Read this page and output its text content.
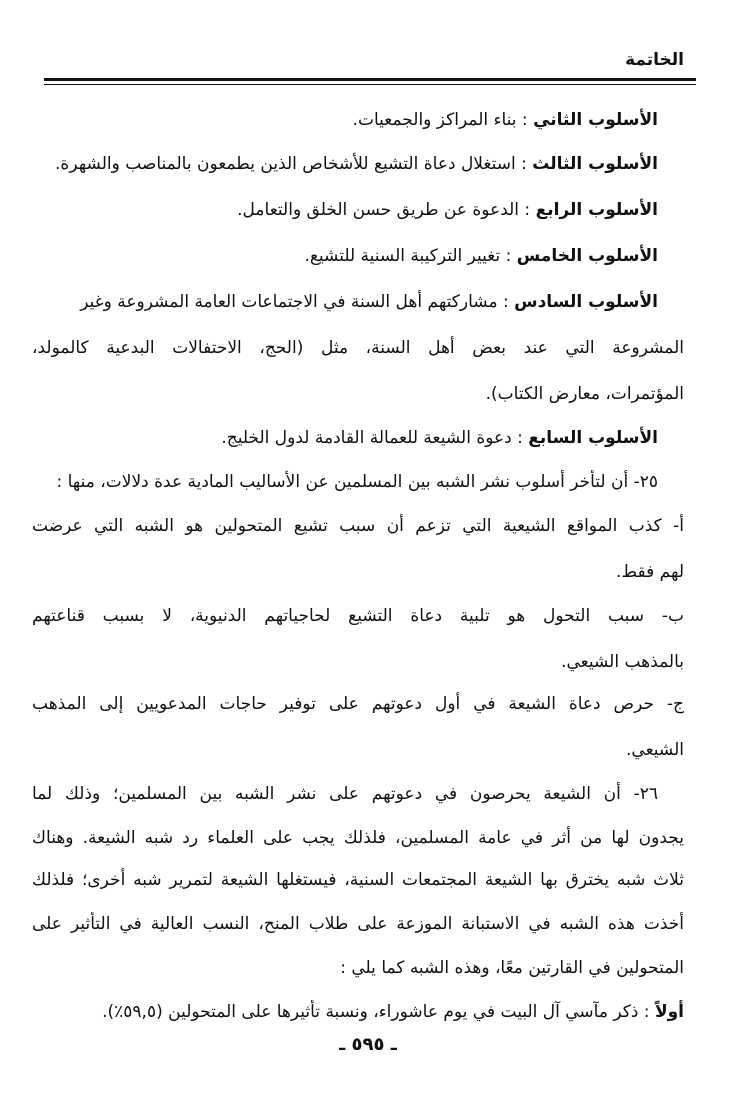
الخاتمة
الأسلوب الثاني : بناء المراكز والجمعيات.
الأسلوب الثالث : استغلال دعاة التشيع للأشخاص الذين يطمعون بالمناصب والشهرة.
الأسلوب الرابع : الدعوة عن طريق حسن الخلق والتعامل.
الأسلوب الخامس : تغيير التركيبة السنية للتشيع.
الأسلوب السادس : مشاركتهم أهل السنة في الاجتماعات العامة المشروعة وغير
المشروعة التي عند بعض أهل السنة، مثل (الحج، الاحتفالات البدعية كالمولد،
المؤتمرات، معارض الكتاب).
الأسلوب السابع : دعوة الشيعة للعمالة القادمة لدول الخليج.
٢٥- أن لتأخر أسلوب نشر الشبه بين المسلمين عن الأساليب المادية عدة دلالات، منها :
أ- كذب المواقع الشيعية التي تزعم أن سبب تشيع المتحولين هو الشبه التي عرضت
لهم فقط.
ب- سبب التحول هو تلبية دعاة التشيع لحاجياتهم الدنيوية، لا بسبب قناعتهم
بالمذهب الشيعي.
ج- حرص دعاة الشيعة في أول دعوتهم على توفير حاجات المدعويين إلى المذهب
الشيعي.
٢٦- أن الشيعة يحرصون في دعوتهم على نشر الشبه بين المسلمين؛ وذلك لما
يجدون لها من أثر في عامة المسلمين، فلذلك يجب على العلماء رد شبه الشيعة. وهناك
ثلاث شبه يخترق بها الشيعة المجتمعات السنية، فيستغلها الشيعة لتمرير شبه أخرى؛ فلذلك
أخذت هذه الشبه في الاستبانة الموزعة على طلاب المنح، النسب العالية في التأثير على
المتحولين في القارتين معًا، وهذه الشبه كما يلي :
أولاً : ذكر مآسي آل البيت في يوم عاشوراء، ونسبة تأثيرها على المتحولين (٥٩,٥٪).
ـ ٥٩٥ ـ
